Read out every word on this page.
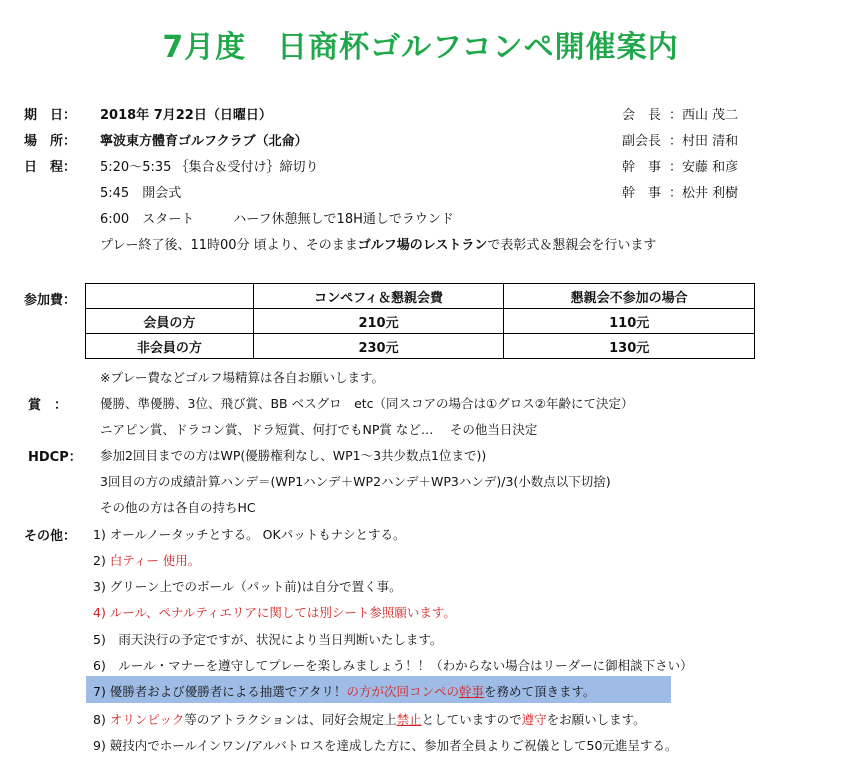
7月度　日商杯ゴルフコンペ開催案内
期　日： 2018年 7月22日（日曜日）
場　所： 寧波東方體育ゴルフクラブ（北侖）
日　程： 5:20～5:35 ｛集合＆受付け｝締切り
5:45　開会式
6:00　スタート　　　ハーフ休憩無しで18H通しでラウンド
プレー終了後、11時00分 頃より、そのままゴルフ場のレストランで表彰式＆懇親会を行います
会　長 ：西山 茂二
副会長 ：村田 清和
幹　事 ：安藤 和彦
幹　事 ：松井 利樹
参加費：
		コンペフィ＆懇親会費	懇親会不参加の場合
会員の方	210元	110元
非会員の方	230元	130元
※プレー費などゴルフ場精算は各自お願いします。
賞　：	優勝、準優勝、3位、飛び賞、BB ベスグロ　etc（同スコアの場合は①グロス②年齢にて決定）
ニアピン賞、ドラコン賞、ドラ短賞、何打でもNP賞 など…　 その他当日決定
HDCP： 参加2回目までの方はWP(優勝権利なし、WP1～3共少数点1位まで))
3回目の方の成績計算ハンデ＝(WP1ハンデ＋WP2ハンデ＋WP3ハンデ)/3(小数点以下切捨)
その他の方は各自の持ちHC
その他： 1) オールノータッチとする。 OKパットもナシとする。
2) 白ティー 使用。
3) グリーン上でのボール（パット前)は自分で置く事。
4) ルール、ペナルティエリアに関しては別シート参照願います。
5)　雨天決行の予定ですが、状況により当日判断いたします。
6)　ルール・マナーを遵守してプレーを楽しみましょう！！（わからない場合はリーダーに御相談下さい）
7) 優勝者および優勝者による抽選でアタリ！の方が次回コンペの幹事を務めて頂きます。
8) オリンピック等のアトラクションは、同好会規定上禁止としていますので遵守をお願いします。
9) 競技内でホールインワン/アルバトロスを達成した方に、参加者全員よりご祝儀として50元進呈する。
